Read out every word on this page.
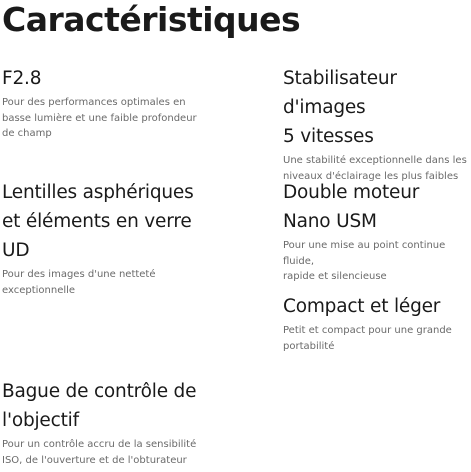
Caractéristiques
F2.8

Pour des performances optimales en
basse lumière et une faible profondeur
de champ

Stabilisateur d'images
5 vitesses

Une stabilité exceptionnelle dans les
niveaux d'éclairage les plus faibles

Lentilles asphériques
et éléments en verre
UD

Pour des images d'une netteté
exceptionnelle

Double moteur
Nano USM

Pour une mise au point continue fluide,
rapide et silencieuse

Compact et léger

Petit et compact pour une grande
portabilité

Bague de contrôle de
l'objectif

Pour un contrôle accru de la sensibilité
ISO, de l'ouverture et de l'obturateur
